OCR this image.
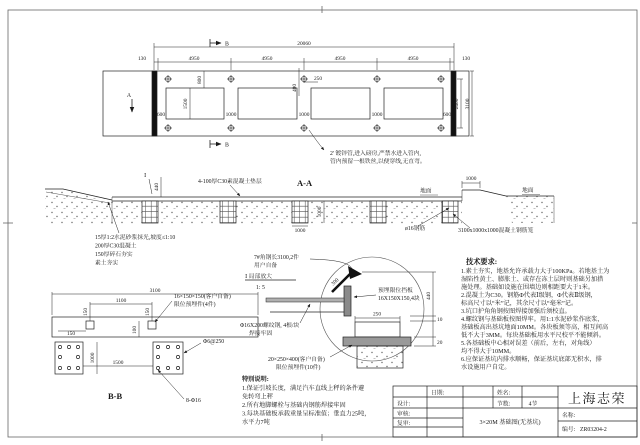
20060
130	4950	4950	4950	4950	130
800
1500
400
250
600	1000	1000	1000	600
2400 3100
A
B
B
2' 镀锌管,进入磅房,严禁水进入管内,
管内预留一根铁丝,以便穿线,无直弯。
A-A
4-100厚C30素混凝土垫层
地面	地面
1000
1000
1000
440
Ⅰ
ø16钢筋	3100x1000x1000混凝土钢筋笼
15厚1:2水泥砂浆抹光,坡度≤1:10
200厚C30混凝土
150厚碎石夯实
素土夯实
3100
1100
150	150
150	100
1000	1500
16×150×150(客户自备)
限位预埋件(4件)
Φ6@250
B-B	8-Φ16
7#角钢长3100,2件
用户自备
Ⅰ 局部放大
1: 5
300
预埋限位挡板
16X150X150,4块
Φ16X200螺纹钢, 4根/块
焊接牢固
250
440
10
20
20×250×400(客户自备)
限位预埋件(10件)
特别说明:
1.保证引坡长度，满足汽车直线上秤的条件避
免转弯上秤
2.所有地脚螺栓与基础内钢筋焊接牢固
3.每块基础板承载重量呈标准值；垂直力25吨，
水平力7吨
技术要求:
1.素土夯实，地基允许承载力大于100KPa。若地基土为
湿陷性黄土、膨胀土、或存在冻土层时则基础另加措
施处理。基础如设施在围墙边则相距要大于1米。
2.混凝土为C30。钢筋Φ代表Ⅰ级钢，Φ代表Ⅱ级钢，
标高尺寸以“米”记，其余尺寸以“毫米”记。
3.坑口护角角钢按图焊接加强后须校直。
4.螺纹钢与基础板按图焊牢。用1:1水泥砂浆作底浆，
基础板高出基坑地面10MM。各块板须等高，相互间高
低不大于3MM。每块基础板用水平尺校平不能倾斜。
5.各基础板中心相对误差（前后，左右，对角线）
均不得大于10MM。
6.应保证基坑内排水顺畅，保证基坑底部无积水，排
水设施用户自定。
日期:	姓名:
设计:	节数:	4节
审核:
复审:	3×20M 基础图(无基坑)
上海志荣
名称:
编号: ZR03204-2
